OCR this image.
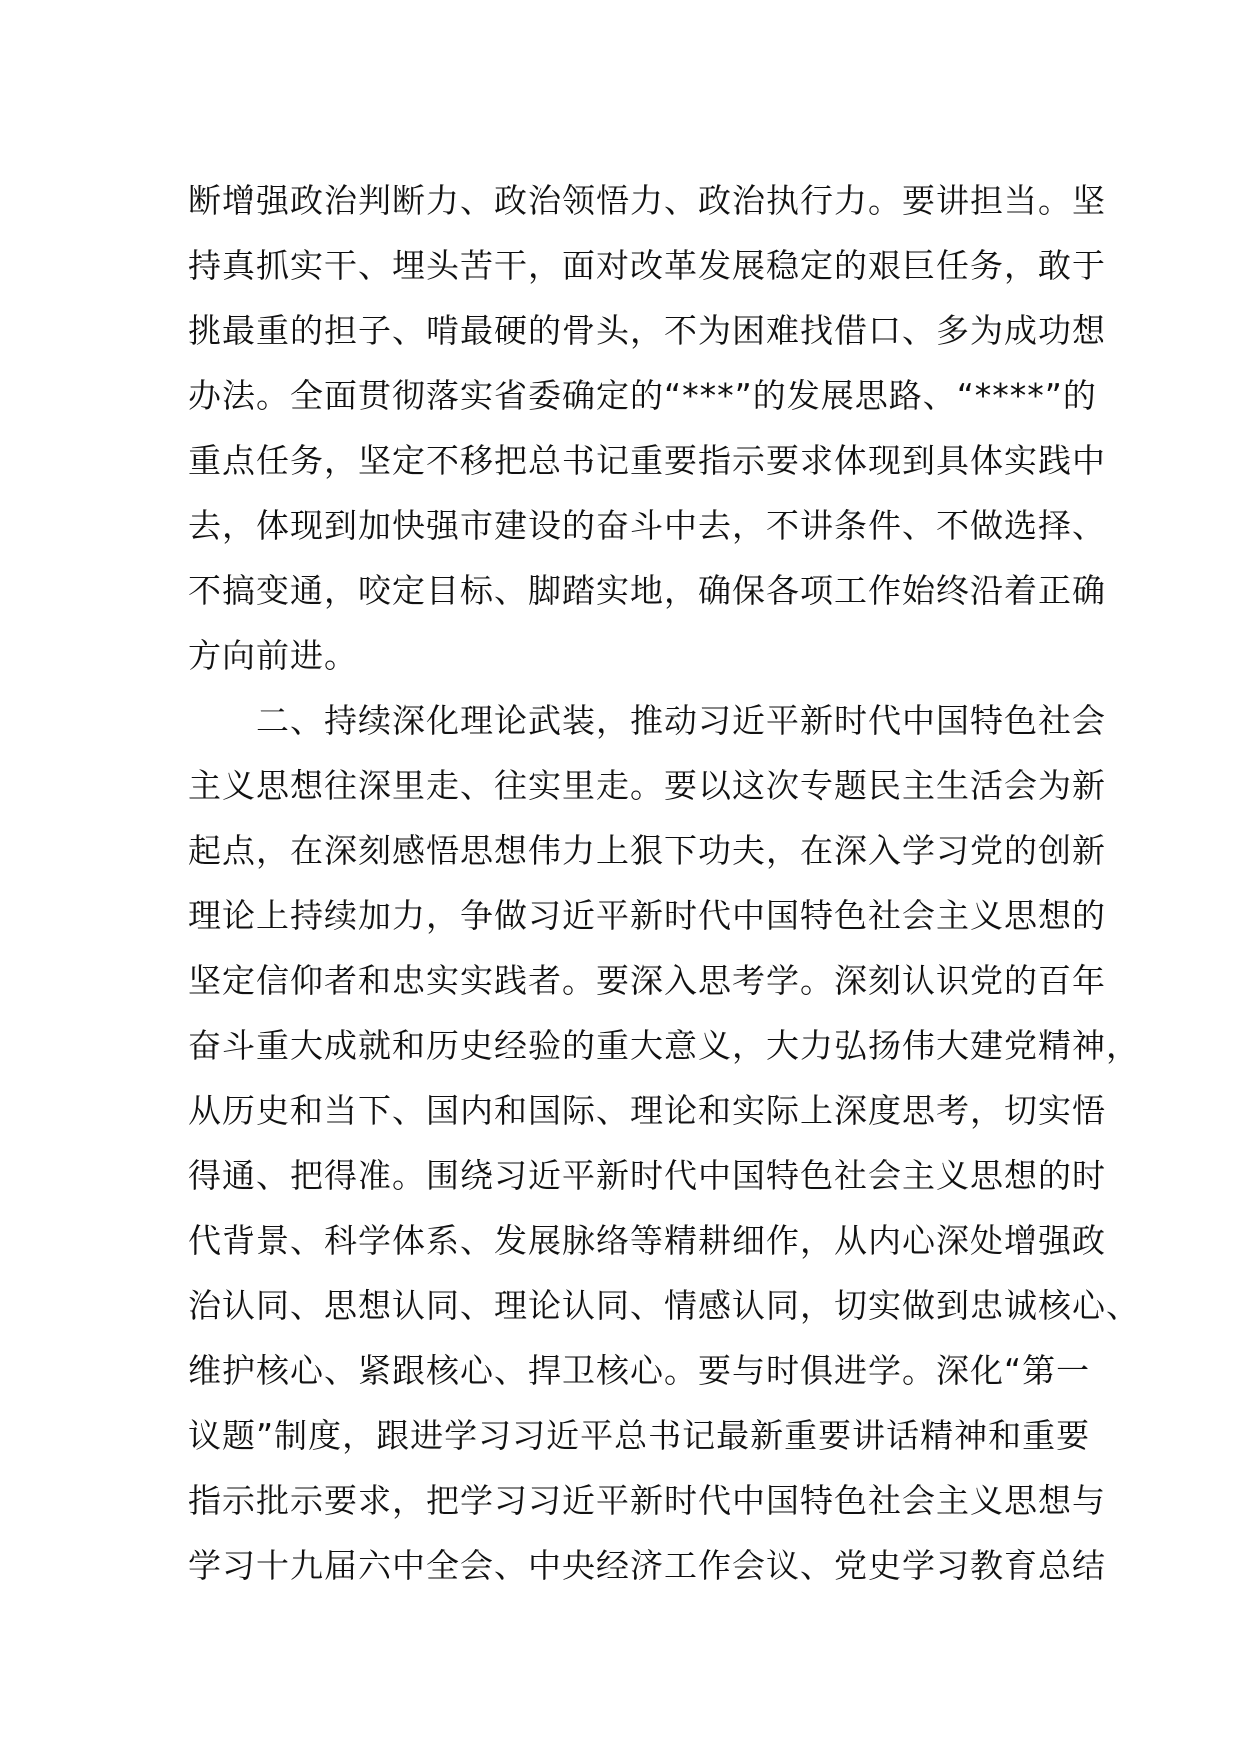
断增强政治判断力、政治领悟力、政治执行力。要讲担当。坚
持真抓实干、埋头苦干，面对改革发展稳定的艰巨任务，敢于
挑最重的担子、啃最硬的骨头，不为困难找借口、多为成功想
办法。全面贯彻落实省委确定的“***”的发展思路、“****”的
重点任务，坚定不移把总书记重要指示要求体现到具体实践中
去，体现到加快强市建设的奋斗中去，不讲条件、不做选择、
不搞变通，咬定目标、脚踏实地，确保各项工作始终沿着正确
方向前进。
　　二、持续深化理论武装，推动习近平新时代中国特色社会
主义思想往深里走、往实里走。要以这次专题民主生活会为新
起点，在深刻感悟思想伟力上狠下功夫，在深入学习党的创新
理论上持续加力，争做习近平新时代中国特色社会主义思想的
坚定信仰者和忠实实践者。要深入思考学。深刻认识党的百年
奋斗重大成就和历史经验的重大意义，大力弘扬伟大建党精神，
从历史和当下、国内和国际、理论和实际上深度思考，切实悟
得通、把得准。围绕习近平新时代中国特色社会主义思想的时
代背景、科学体系、发展脉络等精耕细作，从内心深处增强政
治认同、思想认同、理论认同、情感认同，切实做到忠诚核心、
维护核心、紧跟核心、捍卫核心。要与时俱进学。深化“第一
议题”制度，跟进学习习近平总书记最新重要讲话精神和重要
指示批示要求，把学习习近平新时代中国特色社会主义思想与
学习十九届六中全会、中央经济工作会议、党史学习教育总结
